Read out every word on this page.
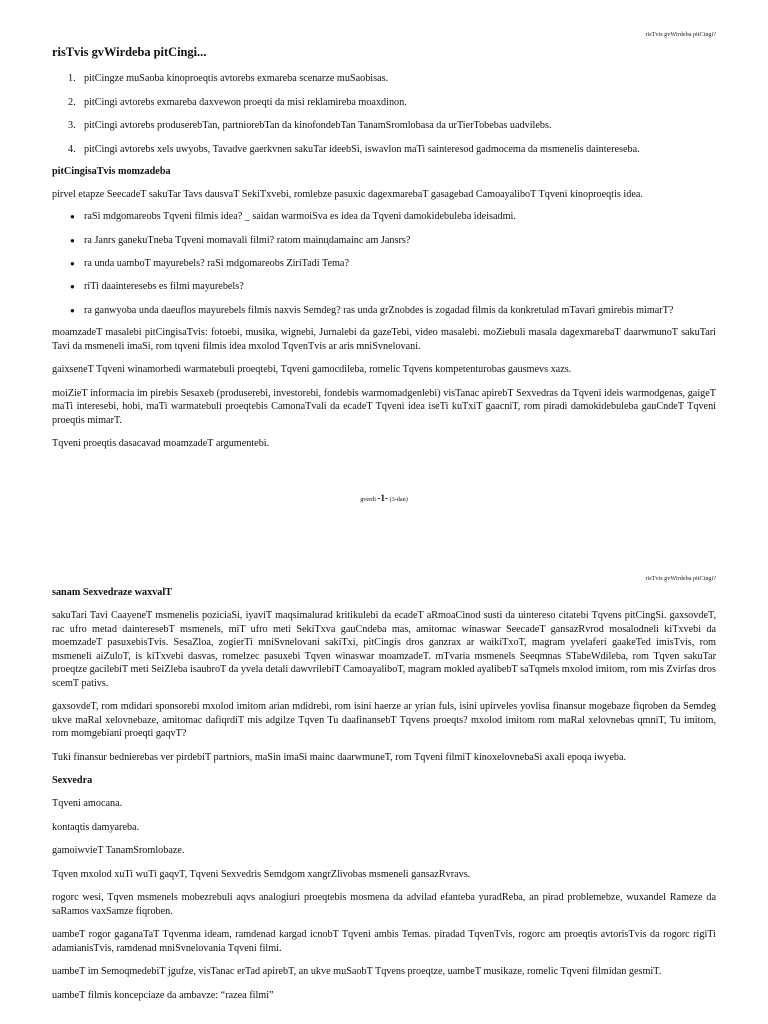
risTvis gvWirdeba pitCingi?
risTvis gvWirdeba pitCingi...
1. pitCingze muSaoba kinoproeqtis avtorebs exmareba scenarze muSaobisas.
2. pitCingi avtorebs exmareba daxvewon proeqti da misi reklamireba moaxdinon.
3. pitCingi avtorebs produserebTan, partniorebTan da kinofondebTan TanamSromlobasa da urTierTobebas uadvilebs.
4. pitCingi avtorebs xels uwyobs, Tavadve gaerkvnen sakuTar ideebSi, iswavlon maTi sainteresod gadmocema da msmenelis daintereseba.
pitCingisaTvis momzadeba

pirvel etapze SeecadeT sakuTar Tavs dausvaT SekiTxvebi, romlebze pasuxic dagexmarebaT gasagebad CamoayaliboT Tqveni kinoproeqtis idea.

● raSi mdgomareobs Tqveni filmis idea? _ saidan warmoiSva es idea da Tqveni damokidebuleba ideisadmi.
● ra Janrs ganekuTneba Tqveni momavali filmi? ratom mainцdamainc am Jansrs?
● ra unda uamboT mayurebels? raSi mdgomareobs ZiriTadi Tema?
● riTi daainteresebs es filmi mayurebels?
● ra ganwyoba unda daeuflos mayurebels filmis naxvis Semdeg? ras unda grZnobdes is zogadad filmis da konkretulad mTavari gmirebis mimarT?

moamzadeT masalebi pitCingisaTvis: fotoebi, musika, wignebi, Jurnalebi da gazeTebi, video masalebi. moZiebuli masala dagexmarebaT daarwmunoT sakuTari Tavi da msmeneli imaSi, rom tqveni filmis idea mxolod TqvenTvis ar aris mniSvnelovani.

gaixseneT Tqveni winamorbedi warmatebuli proeqtebi, Tqveni gamocdileba, romelic Tqvens kompetenturobas gausmevs xazs.

moiZieT informacia im pirebis Sesaxeb (produserebi, investorebi, fondebis warmomadgenlebi) visTanac apirebT Sexvedras da Tqveni ideis warmodgenas, gaigeT maTi interesebi, hobi, maTi warmatebuli proeqtebis CamonaTvali da ecadeT Tqveni idea iseTi kuTxiT gaacniT, rom piradi damokidebuleba gauCndeT Tqveni proeqtis mimarT.

Tqveni proeqtis dasacavad moamzadeT argumentebi.

gverdi -1- (3-dan)
risTvis gvWirdeba pitCingi?
sanam Sexvedraze waxvalT

sakuTari Tavi CaayeneT msmenelis poziciaSi, iyaviT maqsimalurad kritikulebi da ecadeT aRmoaCinod susti da uintereso citatebi Tqvens pitCingSi. gaxsovdeT, rac ufro metad dainteresebT msmenels, miT ufro meti SekiTxva gauCndeba mas, amitomac winaswar SeecadeT gansazRvrod mosalodneli kiTxvebi da moemzadeT pasuxebisTvis. SesaZloa, zogierTi mniSvnelovani sakiTxi, pitCingis dros ganzrax ar waikiTxoT, magram yvelaferi gaakeTed imisTvis, rom msmeneli aiZuloT, is kiTxvebi dasvas, romelzec pasuxebi Tqven winaswar moamzadeT. mTvaria msmenels Seeqmnas STabeWdileba, rom Tqven sakuTar proeqtze gacilebiT meti SeiZleba isaubroT da yvela detali dawvrilebiT CamoayaliboT, magram mokled ayalibebT saTqmels mxolod imitom, rom mis Zvirfas dros scemT pativs.

gaxsovdeT, rom mdidari sponsorebi mxolod imitom arian mdidrebi, rom isini haerze ar yrian fuls, isini upirveles yovlisa finansur mogebaze fiqroben da Semdeg ukve maRal xelovnebaze, amitomac dafiqrdiT mis adgilze Tqven Tu daafinansebT Tqvens proeqts? mxolod imitom rom maRal xelovnebas qmniT, Tu imitom, rom momgebiani proeqti gaqvT?

Tuki finansur bednierebas ver pirdebiT partniors, maSin imaSi mainc daarwmuneT, rom Tqveni filmiT kinoxelovnebaSi axali epoqa iwyeba.

Sexvedra

Tqveni amocana.

kontaqtis damyareba.

gamoiwvieT TanamSromlobaze.

Tqven mxolod xuTi wuTi gaqvT, Tqveni Sexvedris Semdgom xangrZlivobas msmeneli gansazRvravs.

rogorc wesi, Tqven msmenels mobezrebuli aqvs analogiuri proeqtebis mosmena da advilad efanteba yuradReba, an pirad problemebze, wuxandel Rameze da saRamos vaxSamze fiqroben.

uambeT rogor gaganaTaT Tqvenma ideam, ramdenad kargad icnobT Tqveni ambis Temas. piradad TqvenTvis, rogorc am proeqtis avtorisTvis da rogorc rigiTi adamianisTvis, ramdenad mniSvnelovania Tqveni filmi.

uambeT im SemoqmedebiT jgufze, visTanac erTad apirebT, an ukve muSaobT Tqvens proeqtze, uambeT musikaze, romelic Tqveni filmidan gesmiT.

uambeT filmis koncepciaze da ambavze: “razea filmi”
